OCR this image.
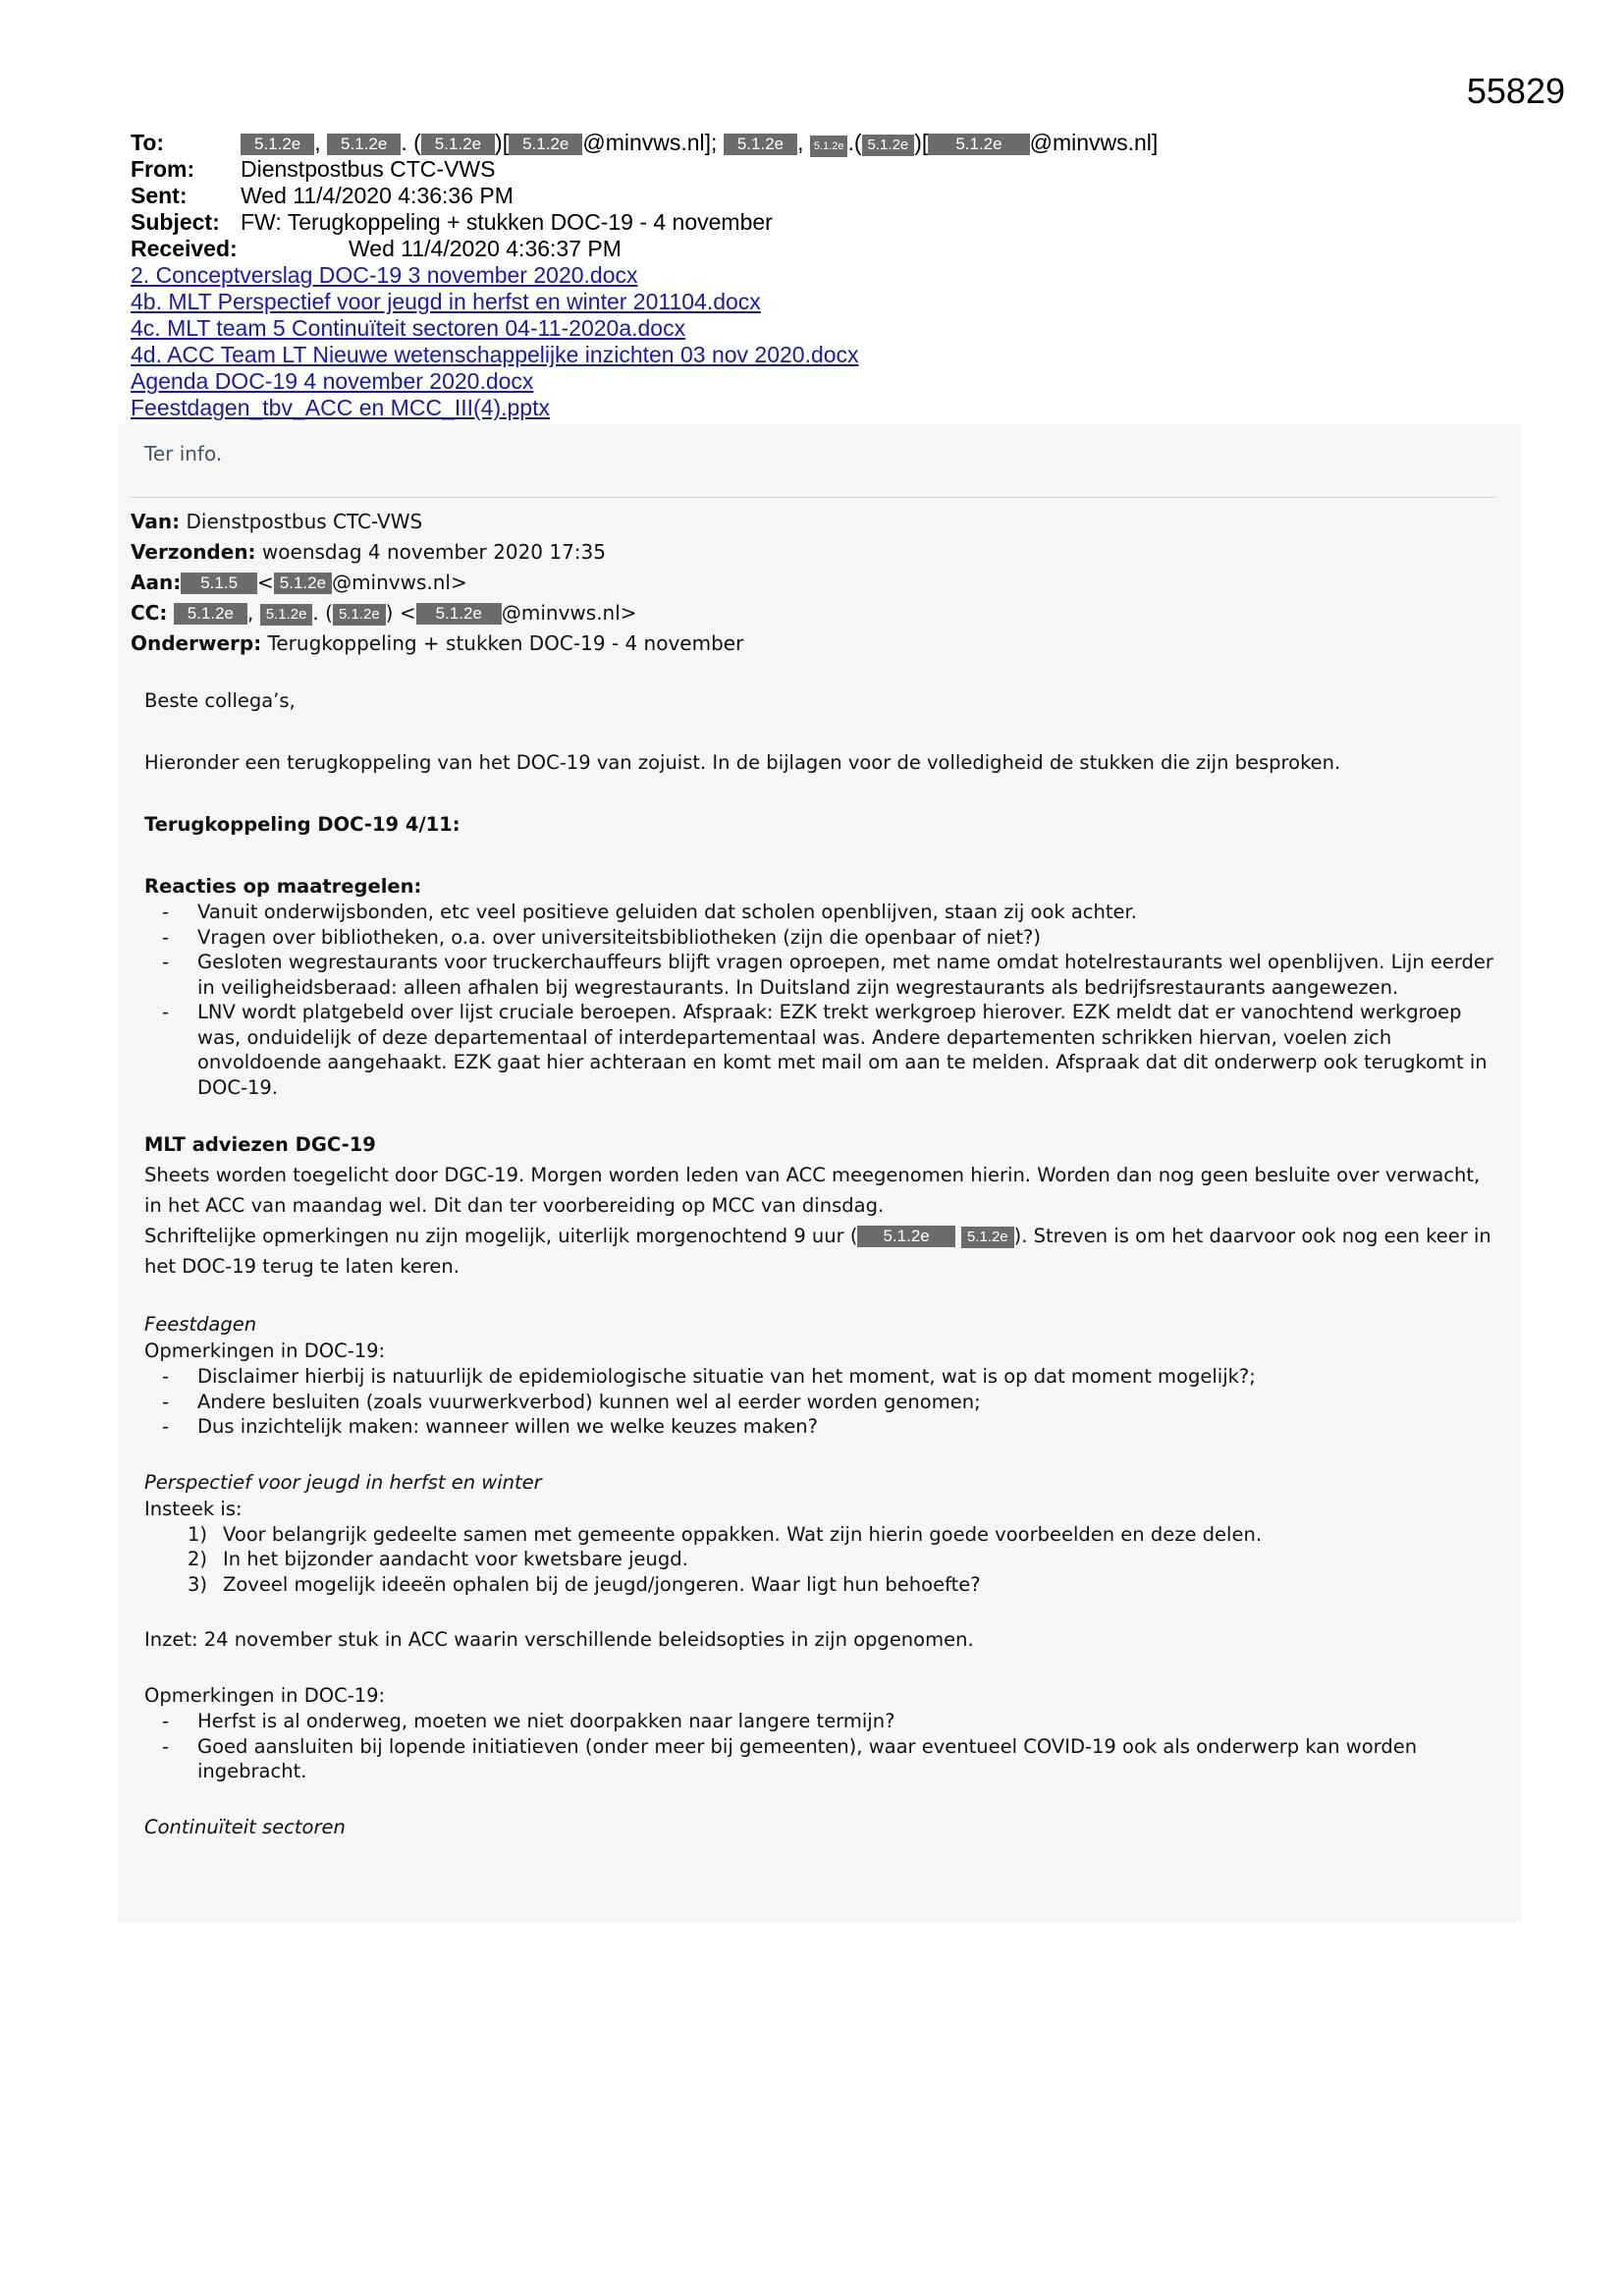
55829
To:	5.1.2e , 5.1.2e . ( 5.1.2e )[ 5.1.2e @minvws.nl]; 5.1.2e , 5.1.2e .( 5.1.2e )[ 5.1.2e @minvws.nl]
From: Dienstpostbus CTC-VWS
Sent: Wed 11/4/2020 4:36:36 PM
Subject: FW: Terugkoppeling + stukken DOC-19 - 4 november
Received:	Wed 11/4/2020 4:36:37 PM
2. Conceptverslag DOC-19 3 november 2020.docx
4b. MLT Perspectief voor jeugd in herfst en winter 201104.docx
4c. MLT team 5 Continuïteit sectoren 04-11-2020a.docx
4d. ACC Team LT Nieuwe wetenschappelijke inzichten 03 nov 2020.docx
Agenda DOC-19 4 november 2020.docx
Feestdagen_tbv_ACC en MCC_III(4).pptx
Ter info.
Van: Dienstpostbus CTC-VWS
Verzonden: woensdag 4 november 2020 17:35
Aan: 5.1.5 < 5.1.2e @minvws.nl>
CC: 5.1.2e , 5.1.2e . ( 5.1.2e ) < 5.1.2e @minvws.nl>
Onderwerp: Terugkoppeling + stukken DOC-19 - 4 november

Beste collega’s,

Hieronder een terugkoppeling van het DOC-19 van zojuist. In de bijlagen voor de volledigheid de stukken die zijn besproken.

Terugkoppeling DOC-19 4/11:

Reacties op maatregelen:

- Vanuit onderwijsbonden, etc veel positieve geluiden dat scholen openblijven, staan zij ook achter.
- Vragen over bibliotheken, o.a. over universiteitsbibliotheken (zijn die openbaar of niet?)
- Gesloten wegrestaurants voor truckerchauffeurs blijft vragen oproepen, met name omdat hotelrestaurants wel openblijven. Lijn eerder in veiligheidsberaad: alleen afhalen bij wegrestaurants. In Duitsland zijn wegrestaurants als bedrijfsrestaurants aangewezen.
- LNV wordt platgebeld over lijst cruciale beroepen. Afspraak: EZK trekt werkgroep hierover. EZK meldt dat er vanochtend werkgroep was, onduidelijk of deze departementaal of interdepartementaal was. Andere departementen schrikken hiervan, voelen zich onvoldoende aangehaakt. EZK gaat hier achteraan en komt met mail om aan te melden. Afspraak dat dit onderwerp ook terugkomt in DOC-19.

MLT adviezen DGC-19

Sheets worden toegelicht door DGC-19. Morgen worden leden van ACC meegenomen hierin. Worden dan nog geen besluite over verwacht, in het ACC van maandag wel. Dit dan ter voorbereiding op MCC van dinsdag.

Schriftelijke opmerkingen nu zijn mogelijk, uiterlijk morgenochtend 9 uur ( 5.1.2e	5.1.2e ). Streven is om het daarvoor ook nog een keer in het DOC-19 terug te laten keren.

Feestdagen

Opmerkingen in DOC-19:

- Disclaimer hierbij is natuurlijk de epidemiologische situatie van het moment, wat is op dat moment mogelijk?;
- Andere besluiten (zoals vuurwerkverbod) kunnen wel al eerder worden genomen;
- Dus inzichtelijk maken: wanneer willen we welke keuzes maken?

Perspectief voor jeugd in herfst en winter

Insteek is:

1) Voor belangrijk gedeelte samen met gemeente oppakken. Wat zijn hierin goede voorbeelden en deze delen.
2) In het bijzonder aandacht voor kwetsbare jeugd.
3) Zoveel mogelijk ideeën ophalen bij de jeugd/jongeren. Waar ligt hun behoefte?

Inzet: 24 november stuk in ACC waarin verschillende beleidsopties in zijn opgenomen.

Opmerkingen in DOC-19:

- Herfst is al onderweg, moeten we niet doorpakken naar langere termijn?
- Goed aansluiten bij lopende initiatieven (onder meer bij gemeenten), waar eventueel COVID-19 ook als onderwerp kan worden ingebracht.

Continuïteit sectoren
